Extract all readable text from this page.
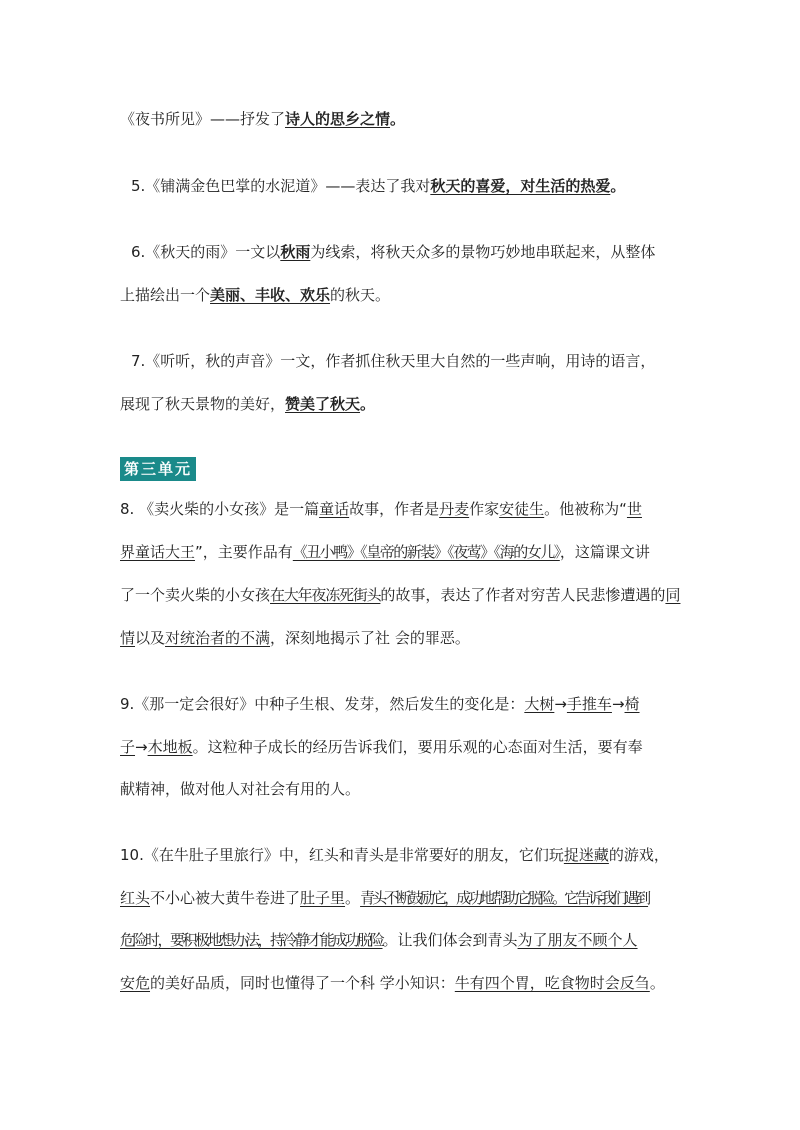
《夜书所见》——抒发了诗人的思乡之情。
5.《铺满金色巴掌的水泥道》——表达了我对秋天的喜爱，对生活的热爱。
6.《秋天的雨》一文以秋雨为线索，将秋天众多的景物巧妙地串联起来，从整体
上描绘出一个美丽、丰收、欢乐的秋天。
7.《听听，秋的声音》一文，作者抓住秋天里大自然的一些声响，用诗的语言，
展现了秋天景物的美好，赞美了秋天。
第三单元
8. 《卖火柴的小女孩》是一篇童话故事，作者是丹麦作家安徒生。他被称为“世
界童话大王”，主要作品有《丑小鸭》《皇帝的新装》《夜莺》《海的女儿》，这篇课文讲
了一个卖火柴的小女孩在大年夜冻死街头的故事，表达了作者对穷苦人民悲惨遭遇的同
情以及对统治者的不满，深刻地揭示了社 会的罪恶。
9.《那一定会很好》中种子生根、发芽，然后发生的变化是：大树→手推车→椅
子→木地板。这粒种子成长的经历告诉我们，要用乐观的心态面对生活，要有奉
献精神，做对他人对社会有用的人。
10.《在牛肚子里旅行》中，红头和青头是非常要好的朋友，它们玩捉迷藏的游戏，
红头不小心被大黄牛卷进了肚子里。青头不断鼓励它，成功地帮助它脱险。它告诉我们遇到
危险时，要积极地想办法，持冷静才能成功脱险。让我们体会到青头为了朋友不顾个人
安危的美好品质，同时也懂得了一个科 学小知识：牛有四个胃，吃食物时会反刍。
